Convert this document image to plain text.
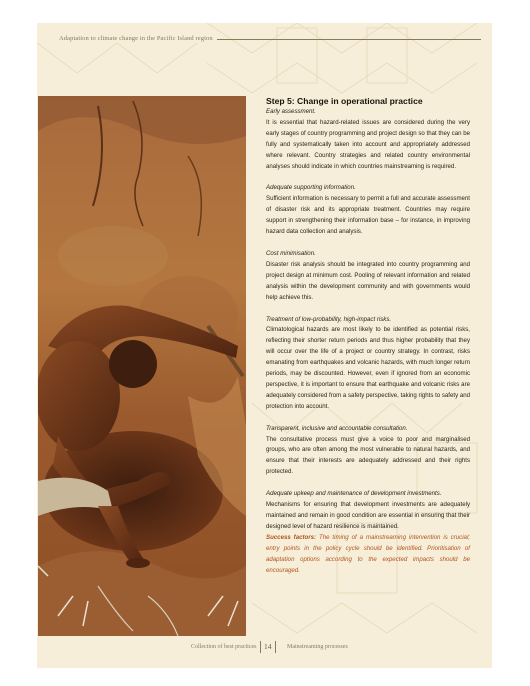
Adaptation to climate change in the Pacific Island region

Step 5: Change in operational practice

Early assessment.

It is essential that hazard-related issues are considered during the very early stages of country programming and project design so that they can be fully and systematically taken into account and appropriately addressed where relevant. Country strategies and related country environmental analyses should indicate in which countries mainstreaming is required.

Adequate supporting information.

Sufficient information is necessary to permit a full and accurate assessment of disaster risk and its appropriate treatment. Countries may require support in strengthening their information base – for instance, in improving hazard data collection and analysis.

Cost minimisation.

Disaster risk analysis should be integrated into country programming and project design at minimum cost. Pooling of relevant information and related analysis within the development community and with governments would help achieve this.

Treatment of low-probability, high-impact risks.

Climatological hazards are most likely to be identified as potential risks, reflecting their shorter return periods and thus higher probability that they will occur over the life of a project or country strategy. In contrast, risks emanating from earthquakes and volcanic hazards, with much longer return periods, may be discounted. However, even if ignored from an economic perspective, it is important to ensure that earthquake and volcanic risks are adequately considered from a safety perspective, taking rights to safety and protection into account.

Transparent, inclusive and accountable consultation.

The consultative process must give a voice to poor and marginalised groups, who are often among the most vulnerable to natural hazards, and ensure that their interests are adequately addressed and their rights protected.

Adequate upkeep and maintenance of development investments.

Mechanisms for ensuring that development investments are adequately maintained and remain in good condition are essential in ensuring that their designed level of hazard resilience is maintained.

Success factors: The timing of a mainstreaming intervention is crucial; entry points in the policy cycle should be identified. Prioritisation of adaptation options according to the expected impacts should be encouraged.

Collection of best practices	14	Mainstreaming processes
